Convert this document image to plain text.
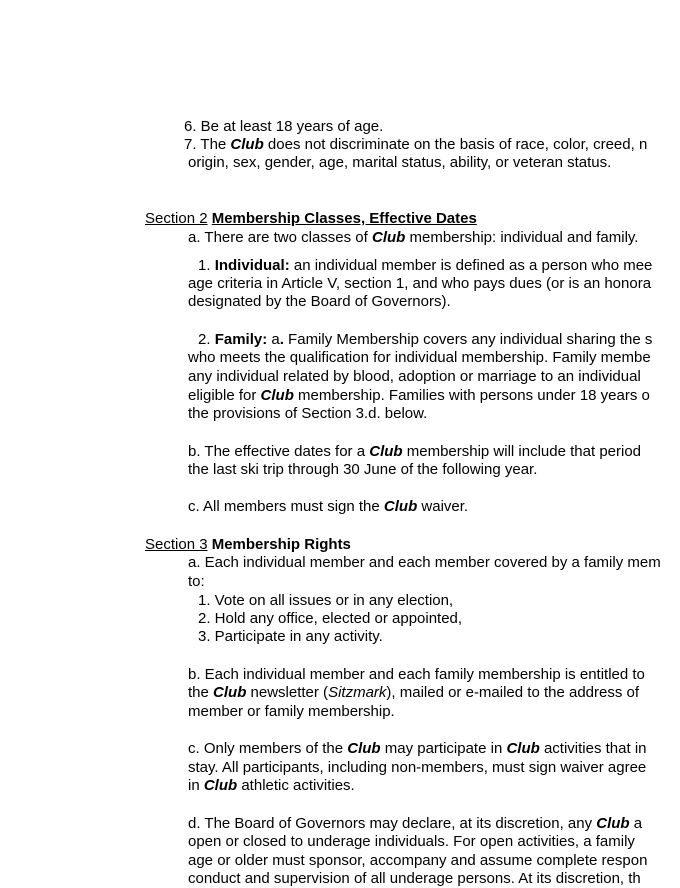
6. Be at least 18 years of age.
7. The Club does not discriminate on the basis of race, color, creed, n
origin, sex, gender, age, marital status, ability, or veteran status.
Section 2 Membership Classes, Effective Dates
a. There are two classes of Club membership: individual and family.
1. Individual: an individual member is defined as a person who mee
age criteria in Article V, section 1, and who pays dues (or is an honora
designated by the Board of Governors).
2. Family: a. Family Membership covers any individual sharing the s
who meets the qualification for individual membership. Family membe
any individual related by blood, adoption or marriage to an individual
eligible for Club membership. Families with persons under 18 years o
the provisions of Section 3.d. below.
b. The effective dates for a Club membership will include that period
the last ski trip through 30 June of the following year.
c. All members must sign the Club waiver.
Section 3 Membership Rights
a. Each individual member and each member covered by a family mem
to:
1. Vote on all issues or in any election,
2. Hold any office, elected or appointed,
3. Participate in any activity.
b. Each individual member and each family membership is entitled to
the Club newsletter (Sitzmark), mailed or e-mailed to the address of
member or family membership.
c. Only members of the Club may participate in Club activities that in
stay. All participants, including non-members, must sign waiver agree
in Club athletic activities.
d. The Board of Governors may declare, at its discretion, any Club a
open or closed to underage individuals. For open activities, a family
age or older must sponsor, accompany and assume complete respon
conduct and supervision of all underage persons. At its discretion, th
